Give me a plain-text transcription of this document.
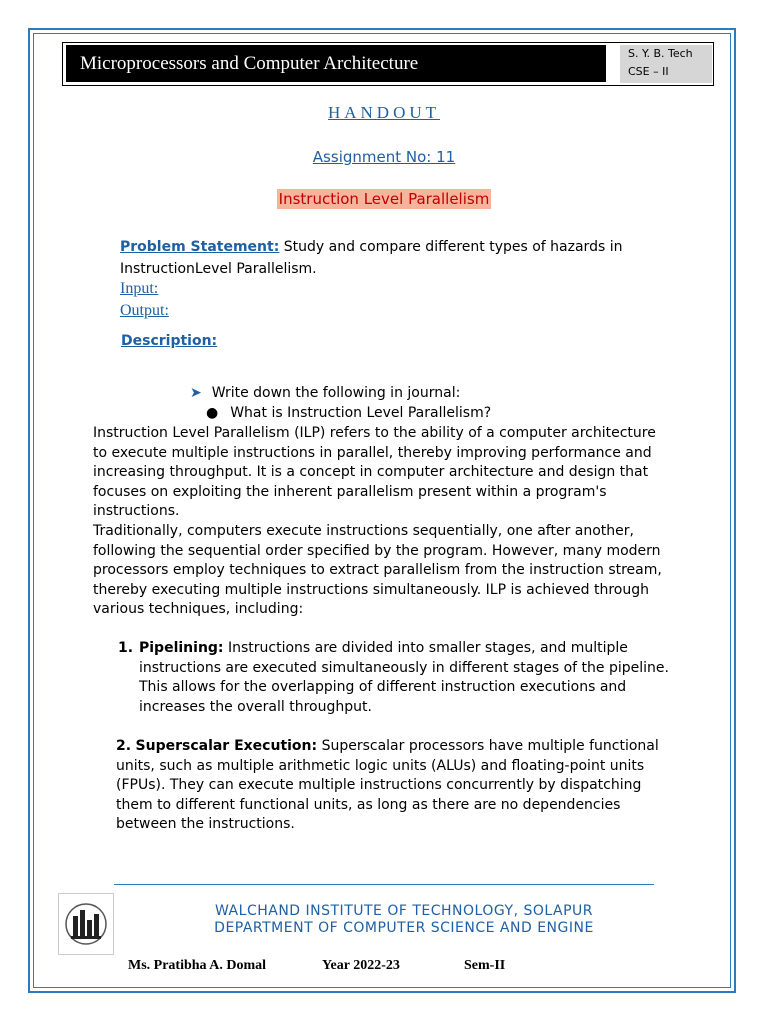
Microprocessors and Computer Architecture	S. Y. B. Tech
CSE – II
HANDOUT
Assignment No: 11
Instruction Level Parallelism
Problem Statement: Study and compare different types of hazards in InstructionLevel Parallelism.
Input:
Output:
Description:
➤ Write down the following in journal:
● What is Instruction Level Parallelism?

Instruction Level Parallelism (ILP) refers to the ability of a computer architecture to execute multiple instructions in parallel, thereby improving performance and increasing throughput. It is a concept in computer architecture and design that focuses on exploiting the inherent parallelism present within a program's instructions.

Traditionally, computers execute instructions sequentially, one after another, following the sequential order specified by the program. However, many modern processors employ techniques to extract parallelism from the instruction stream, thereby executing multiple instructions simultaneously. ILP is achieved through various techniques, including:

1. Pipelining: Instructions are divided into smaller stages, and multiple instructions are executed simultaneously in different stages of the pipeline. This allows for the overlapping of different instruction executions and increases the overall throughput.
2. Superscalar Execution: Superscalar processors have multiple functional units, such as multiple arithmetic logic units (ALUs) and floating-point units (FPUs). They can execute multiple instructions concurrently by dispatching them to different functional units, as long as there are no dependencies between the instructions.
WALCHAND INSTITUTE OF TECHNOLOGY, SOLAPUR
DEPARTMENT OF COMPUTER SCIENCE AND ENGINE
Ms. Pratibha A. Domal	Year 2022-23	Sem-II
